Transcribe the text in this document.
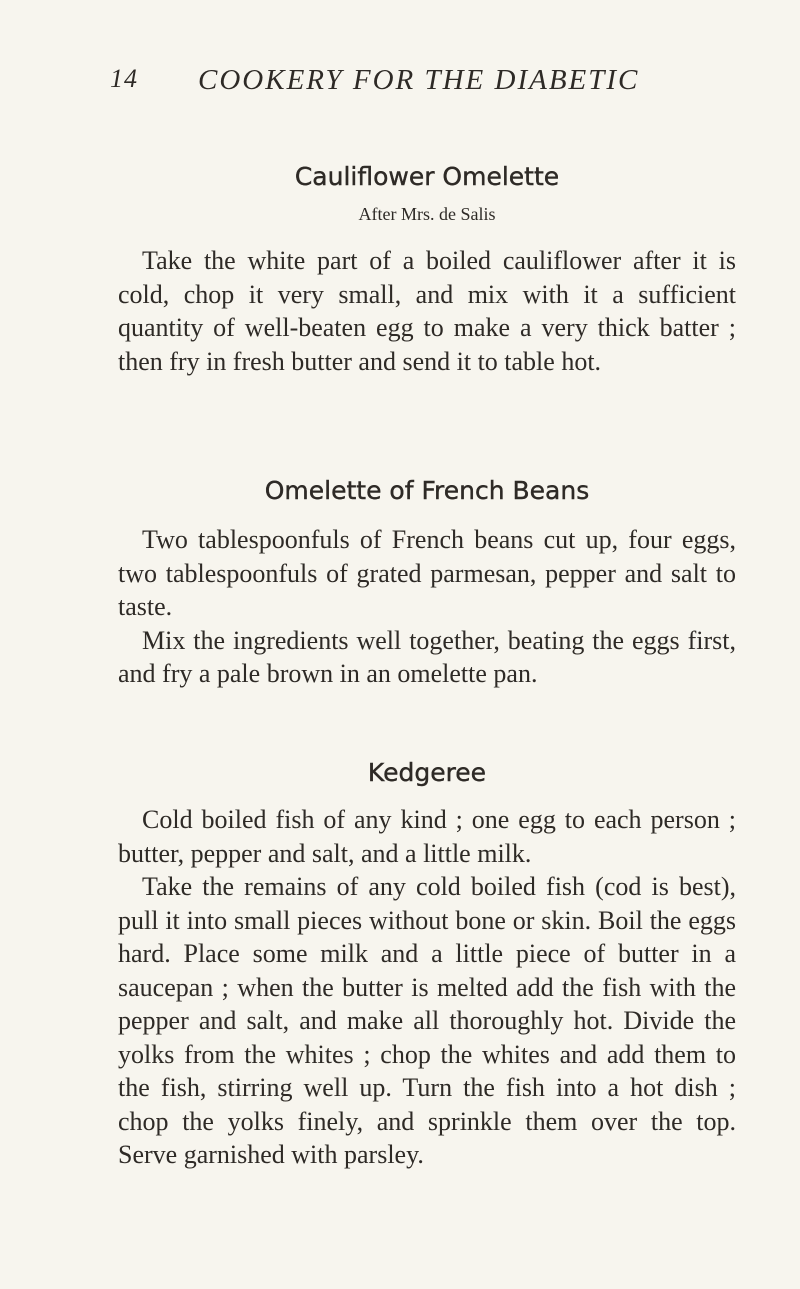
14 COOKERY FOR THE DIABETIC
Cauliflower Omelette

After Mrs. de Salis

Take the white part of a boiled cauliflower after it is cold, chop it very small, and mix with it a sufficient quantity of well-beaten egg to make a very thick batter ; then fry in fresh butter and send it to table hot.

Omelette of French Beans

Two tablespoonfuls of French beans cut up, four eggs, two tablespoonfuls of grated parmesan, pepper and salt to taste.

Mix the ingredients well together, beating the eggs first, and fry a pale brown in an omelette pan.

Kedgeree

Cold boiled fish of any kind ; one egg to each person ; butter, pepper and salt, and a little milk.

Take the remains of any cold boiled fish (cod is best), pull it into small pieces without bone or skin. Boil the eggs hard. Place some milk and a little piece of butter in a saucepan ; when the butter is melted add the fish with the pepper and salt, and make all thoroughly hot. Divide the yolks from the whites ; chop the whites and add them to the fish, stirring well up. Turn the fish into a hot dish ; chop the yolks finely, and sprinkle them over the top. Serve garnished with parsley.
